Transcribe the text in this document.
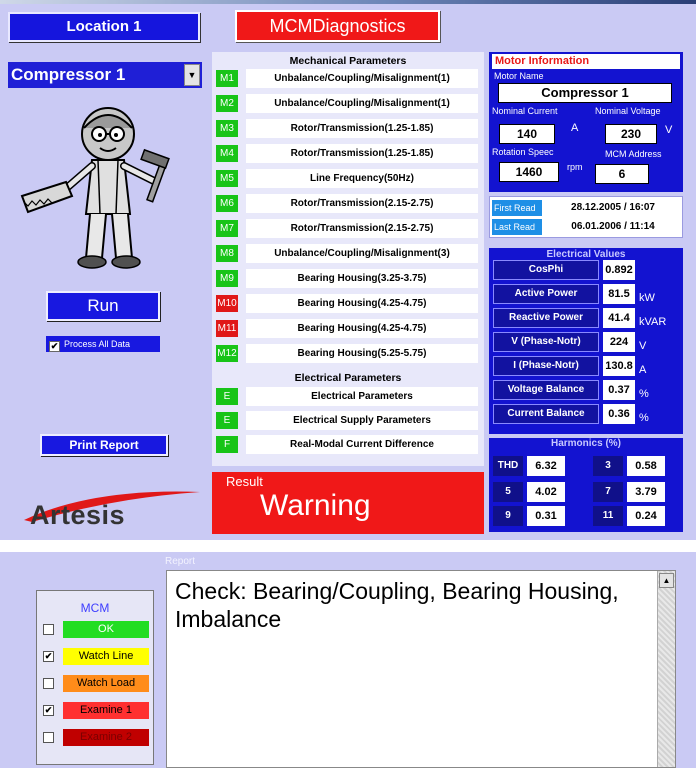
Location 1
Compressor 1	▼
Run
✔ Process All Data
Print Report
Artesis
MCMDiagnostics
Mechanical Parameters
Electrical Parameters
M1	Unbalance/Coupling/Misalignment(1)
M2	Unbalance/Coupling/Misalignment(1)
M3	Rotor/Transmission(1.25-1.85)
M4	Rotor/Transmission(1.25-1.85)
M5	Line Frequency(50Hz)
M6	Rotor/Transmission(2.15-2.75)
M7	Rotor/Transmission(2.15-2.75)
M8	Unbalance/Coupling/Misalignment(3)
M9	Bearing Housing(3.25-3.75)
M10	Bearing Housing(4.25-4.75)
M11	Bearing Housing(4.25-4.75)
M12	Bearing Housing(5.25-5.75)
E	Electrical Parameters
E	Electrical Supply Parameters
F	Real-Modal Current Difference
Result
Warning
Motor Information
Motor Name
Compressor 1
Nominal Current	Nominal Voltage
140	A	230	V
Rotation Speec	MCM Address
1460	rpm	6
First Read	28.12.2005 / 16:07
Last Read	06.01.2006 / 11:14
Electrical Values
CosPhi	0.892
Active Power	81.5 kW
Reactive Power	41.4 kVAR
V (Phase-Notr)	224 V
I (Phase-Notr)	130.8 A
Voltage Balance	0.37 %
Current Balance	0.36 %
Harmonics (%)
THD	6.32	3	0.58
5	4.02	7	3.79
9	0.31	11	0.24
Report
MCM
OK
✔	Watch Line
Watch Load
✔	Examine 1
Examine 2
Check: Bearing/Coupling, Bearing Housing, Imbalance
▲
